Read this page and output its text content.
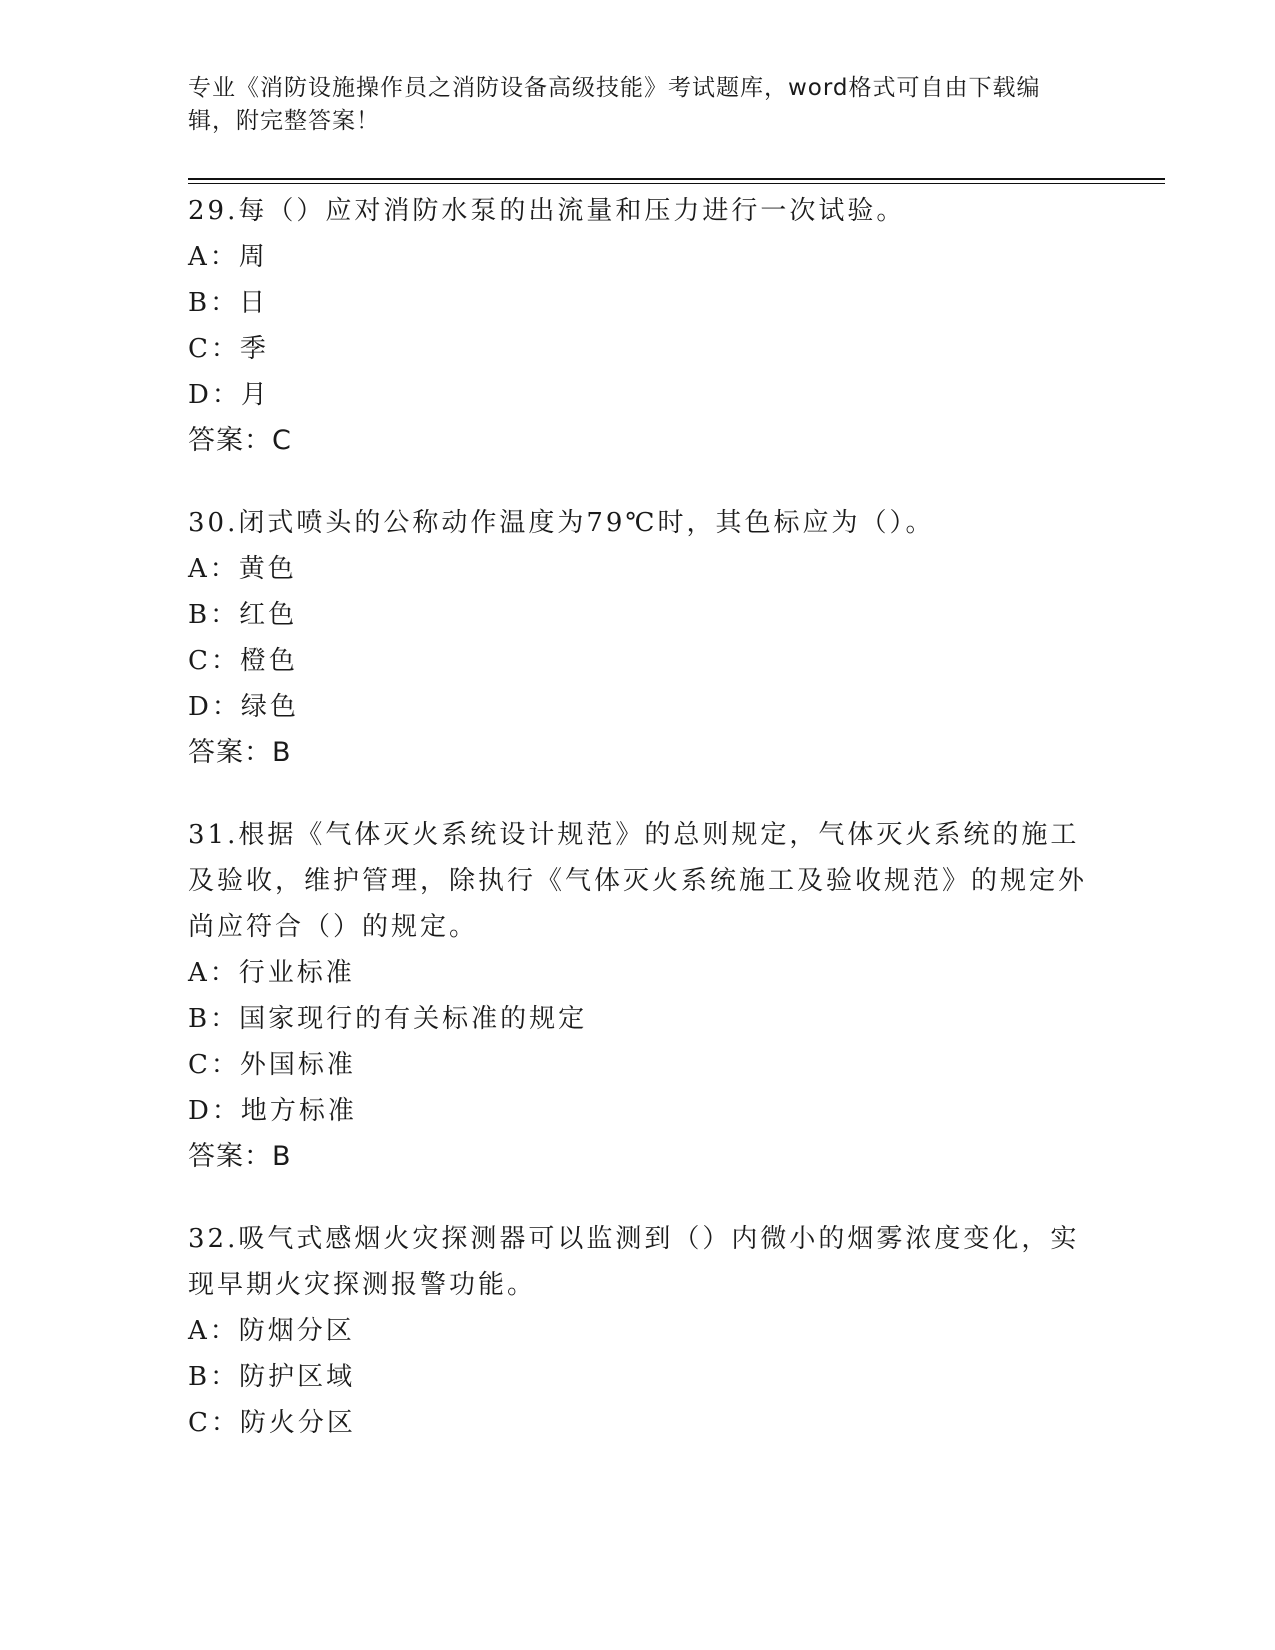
专业《消防设施操作员之消防设备高级技能》考试题库，word格式可自由下载编辑，附完整答案！

29.每（）应对消防水泵的出流量和压力进行一次试验。

A：周

B：日

C：季

D：月

答案：C

30.闭式喷头的公称动作温度为79℃时，其色标应为（）。

A：黄色

B：红色

C：橙色

D：绿色

答案：B

31.根据《气体灭火系统设计规范》的总则规定，气体灭火系统的施工及验收，维护管理，除执行《气体灭火系统施工及验收规范》的规定外尚应符合（）的规定。

A：行业标准

B：国家现行的有关标准的规定

C：外国标准

D：地方标准

答案：B

32.吸气式感烟火灾探测器可以监测到（）内微小的烟雾浓度变化，实现早期火灾探测报警功能。

A：防烟分区

B：防护区域

C：防火分区
